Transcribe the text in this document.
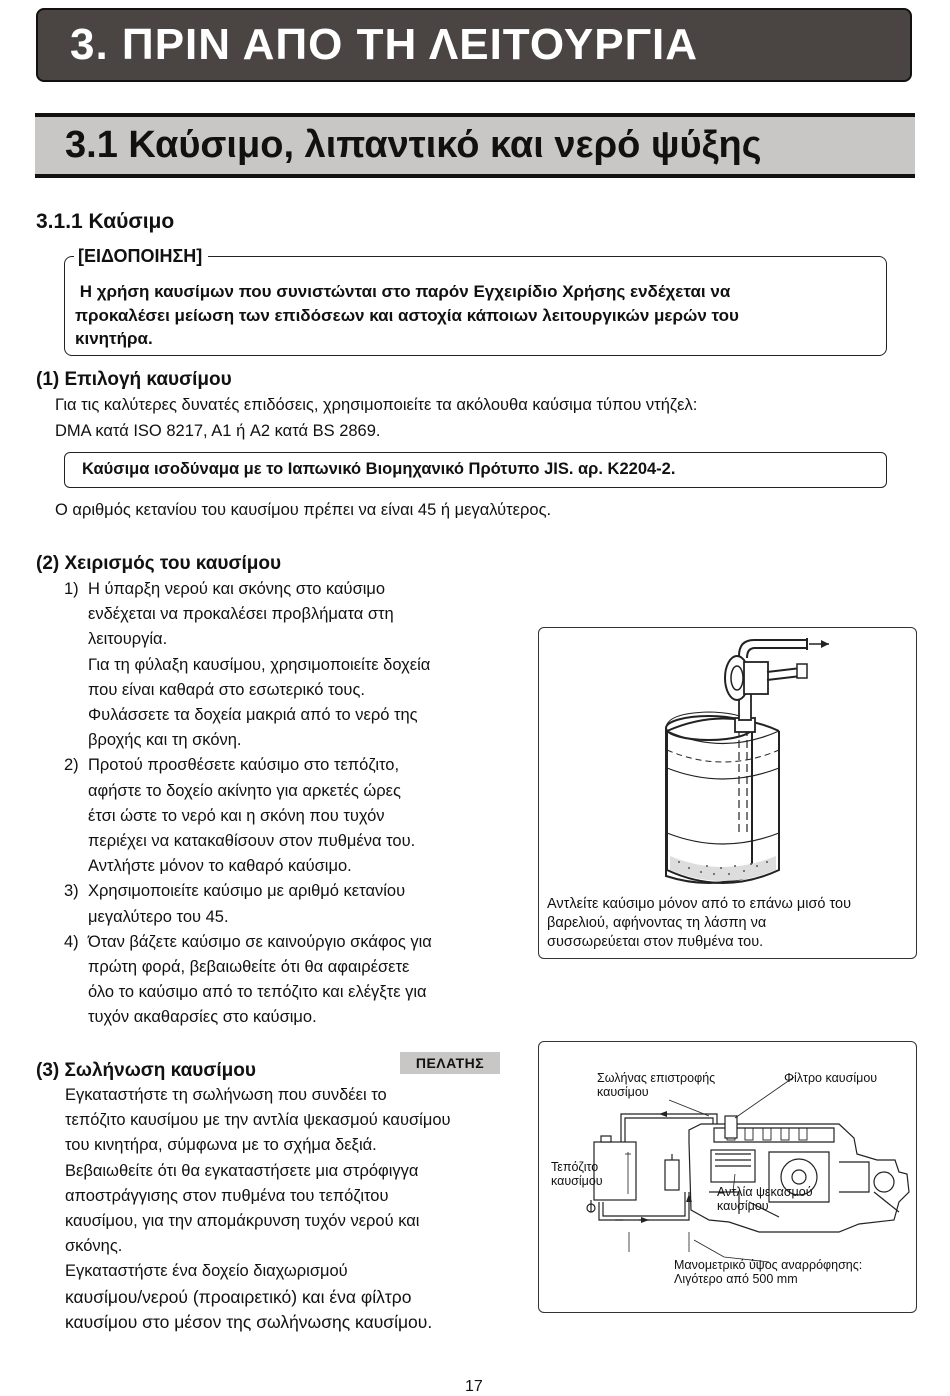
3. ΠΡΙΝ ΑΠΟ ΤΗ ΛΕΙΤΟΥΡΓΙΑ
3.1 Καύσιμο, λιπαντικό και νερό ψύξης
3.1.1 Καύσιμο
[ΕΙΔΟΠΟΙΗΣΗ]
Η χρήση καυσίμων που συνιστώνται στο παρόν Εγχειρίδιο Χρήσης ενδέχεται να
προκαλέσει μείωση των επιδόσεων και αστοχία κάποιων λειτουργικών μερών του
κινητήρα.
(1) Επιλογή καυσίμου
Για τις καλύτερες δυνατές επιδόσεις, χρησιμοποιείτε τα ακόλουθα καύσιμα τύπου ντήζελ:
DMA κατά ISO 8217, A1 ή A2 κατά BS 2869.
Καύσιμα ισοδύναμα με το Ιαπωνικό Βιομηχανικό Πρότυπο JIS. αρ. K2204-2.
Ο αριθμός κετανίου του καυσίμου πρέπει να είναι 45 ή μεγαλύτερος.
(2) Χειρισμός του καυσίμου
1) Η ύπαρξη νερού και σκόνης στο καύσιμο
ενδέχεται να προκαλέσει προβλήματα στη
λειτουργία.
Για τη φύλαξη καυσίμου, χρησιμοποιείτε δοχεία
που είναι καθαρά στο εσωτερικό τους.
Φυλάσσετε τα δοχεία μακριά από το νερό της
βροχής και τη σκόνη.
2) Προτού προσθέσετε καύσιμο στο τεπόζιτο,
αφήστε το δοχείο ακίνητο για αρκετές ώρες
έτσι ώστε το νερό και η σκόνη που τυχόν
περιέχει να κατακαθίσουν στον πυθμένα του.
Αντλήστε μόνον το καθαρό καύσιμο.
3) Χρησιμοποιείτε καύσιμο με αριθμό κετανίου
μεγαλύτερο του 45.
4) Όταν βάζετε καύσιμο σε καινούργιο σκάφος για
πρώτη φορά, βεβαιωθείτε ότι θα αφαιρέσετε
όλο το καύσιμο από το τεπόζιτο και ελέγξτε για
τυχόν ακαθαρσίες στο καύσιμο.
Αντλείτε καύσιμο μόνον από το επάνω μισό του
βαρελιού, αφήνοντας τη λάσπη να
συσσωρεύεται στον πυθμένα του.
(3) Σωλήνωση καυσίμου	ΠΕΛΑΤΗΣ
Εγκαταστήστε τη σωλήνωση που συνδέει το
τεπόζιτο καυσίμου με την αντλία ψεκασμού καυσίμου
του κινητήρα, σύμφωνα με το σχήμα δεξιά.
Βεβαιωθείτε ότι θα εγκαταστήσετε μια στρόφιγγα
αποστράγγισης στον πυθμένα του τεπόζιτου
καυσίμου, για την απομάκρυνση τυχόν νερού και
σκόνης.
Εγκαταστήστε ένα δοχείο διαχωρισμού
καυσίμου/νερού (προαιρετικό) και ένα φίλτρο
καυσίμου στο μέσον της σωλήνωσης καυσίμου.
Σωλήνας επιστροφής
καυσίμου
Φίλτρο καυσίμου
Τεπόζιτο
καυσίμου
Αντλία ψεκασμού
καυσίμου
Μανομετρικό ύψος αναρρόφησης:
Λιγότερο από 500 mm
17
